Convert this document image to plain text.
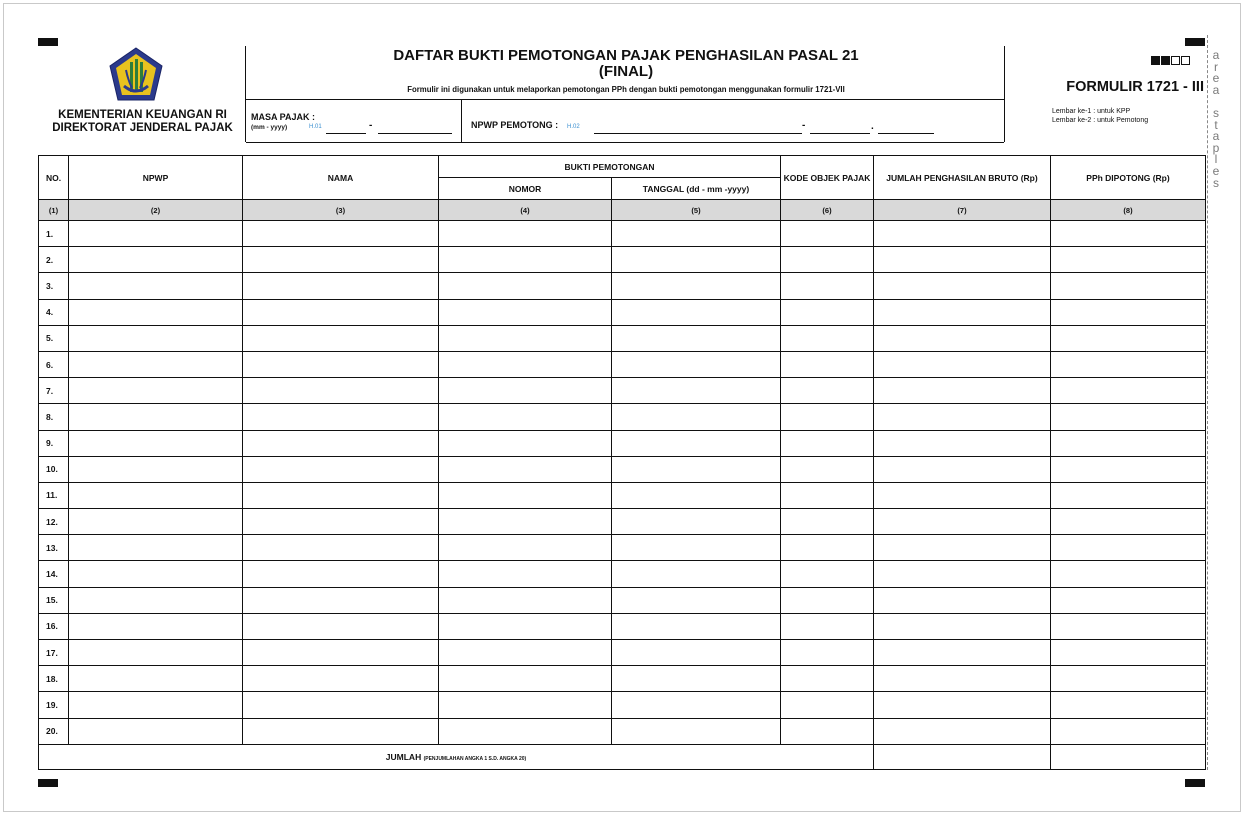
a
r
e
a

s
t
a
p
l
e
s
KEMENTERIAN KEUANGAN RI
DIREKTORAT JENDERAL PAJAK
DAFTAR BUKTI PEMOTONGAN PAJAK PENGHASILAN PASAL 21
(FINAL)
Formulir ini digunakan untuk melaporkan pemotongan PPh dengan bukti pemotongan menggunakan formulir 1721-VII
MASA PAJAK :
(mm - yyyy)	H.01	-	NPWP PEMOTONG : H.02	-	.
FORMULIR 1721 - III
Lembar ke-1 : untuk KPP
Lembar ke-2 : untuk Pemotong
NO.	NPWP	NAMA	BUKTI PEMOTONGAN		KODE OBJEK PAJAK	JUMLAH PENGHASILAN BRUTO (Rp)	PPh DIPOTONG (Rp)
			NOMOR	TANGGAL (dd - mm -yyyy)			
(1)	(2)	(3)	(4)	(5)	(6)	(7)	(8)
1.							
2.							
3.							
4.							
5.							
6.							
7.							
8.							
9.							
10.							
11.							
12.							
13.							
14.							
15.							
16.							
17.							
18.							
19.							
20.							
JUMLAH (PENJUMLAHAN ANGKA 1 S.D. ANGKA 20)							
